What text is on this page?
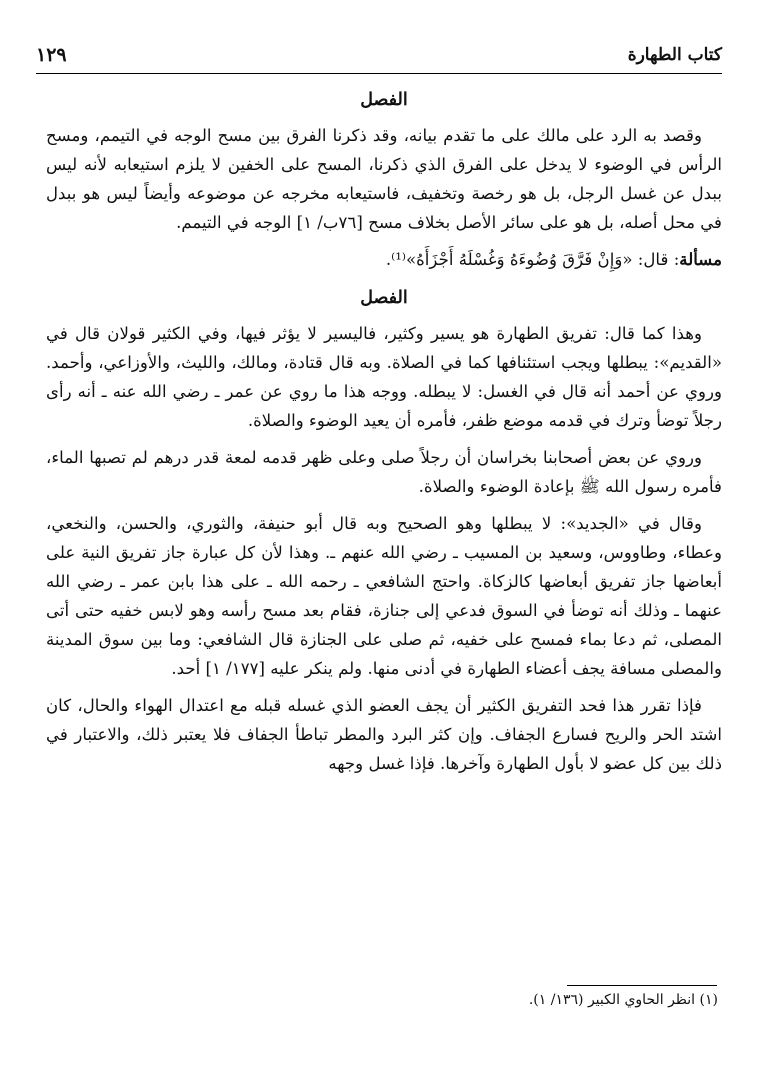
١٢٩	كتاب الطهارة
الفصل

وقصد به الرد على مالك على ما تقدم بيانه، وقد ذكرنا الفرق بين مسح الوجه في التيمم، ومسح الرأس في الوضوء لا يدخل على الفرق الذي ذكرنا، المسح على الخفين لا يلزم استيعابه لأنه ليس ببدل عن غسل الرجل، بل هو رخصة وتخفيف، فاستيعابه مخرجه عن موضوعه وأيضاً ليس هو ببدل في محل أصله، بل هو على سائر الأصل بخلاف مسح [٧٦ب/ ١] الوجه في التيمم.

مسألة: قال: «وَإِنْ فَرَّقَ وُضُوءَهُ وَغُسْلَهُ أَجْزَأَهُ»⁽¹⁾.

الفصل

وهذا كما قال: تفريق الطهارة هو يسير وكثير، فاليسير لا يؤثر فيها، وفي الكثير قولان قال في «القديم»: يبطلها ويجب استئنافها كما في الصلاة. وبه قال قتادة، ومالك، والليث، والأوزاعي، وأحمد. وروي عن أحمد أنه قال في الغسل: لا يبطله. ووجه هذا ما روي عن عمر ـ رضي الله عنه ـ أنه رأى رجلاً توضأ وترك في قدمه موضع ظفر، فأمره أن يعيد الوضوء والصلاة.

وروي عن بعض أصحابنا بخراسان أن رجلاً صلى وعلى ظهر قدمه لمعة قدر درهم لم تصبها الماء، فأمره رسول الله ﷺ بإعادة الوضوء والصلاة.

وقال في «الجديد»: لا يبطلها وهو الصحيح وبه قال أبو حنيفة، والثوري، والحسن، والنخعي، وعطاء، وطاووس، وسعيد بن المسيب ـ رضي الله عنهم ـ. وهذا لأن كل عبارة جاز تفريق النية على أبعاضها جاز تفريق أبعاضها كالزكاة. واحتج الشافعي ـ رحمه الله ـ على هذا بابن عمر ـ رضي الله عنهما ـ وذلك أنه توضأ في السوق فدعي إلى جنازة، فقام بعد مسح رأسه وهو لابس خفيه حتى أتى المصلى، ثم دعا بماء فمسح على خفيه، ثم صلى على الجنازة قال الشافعي: وما بين سوق المدينة والمصلى مسافة يجف أعضاء الطهارة في أدنى منها. ولم ينكر عليه [١٧٧/ ١] أحد.

فإذا تقرر هذا فحد التفريق الكثير أن يجف العضو الذي غسله قبله مع اعتدال الهواء والحال، كان اشتد الحر والريح فسارع الجفاف. وإن كثر البرد والمطر تباطأ الجفاف فلا يعتبر ذلك، والاعتبار في ذلك بين كل عضو لا بأول الطهارة وآخرها. فإذا غسل وجهه

(١) انظر الحاوي الكبير (١٣٦/ ١).
